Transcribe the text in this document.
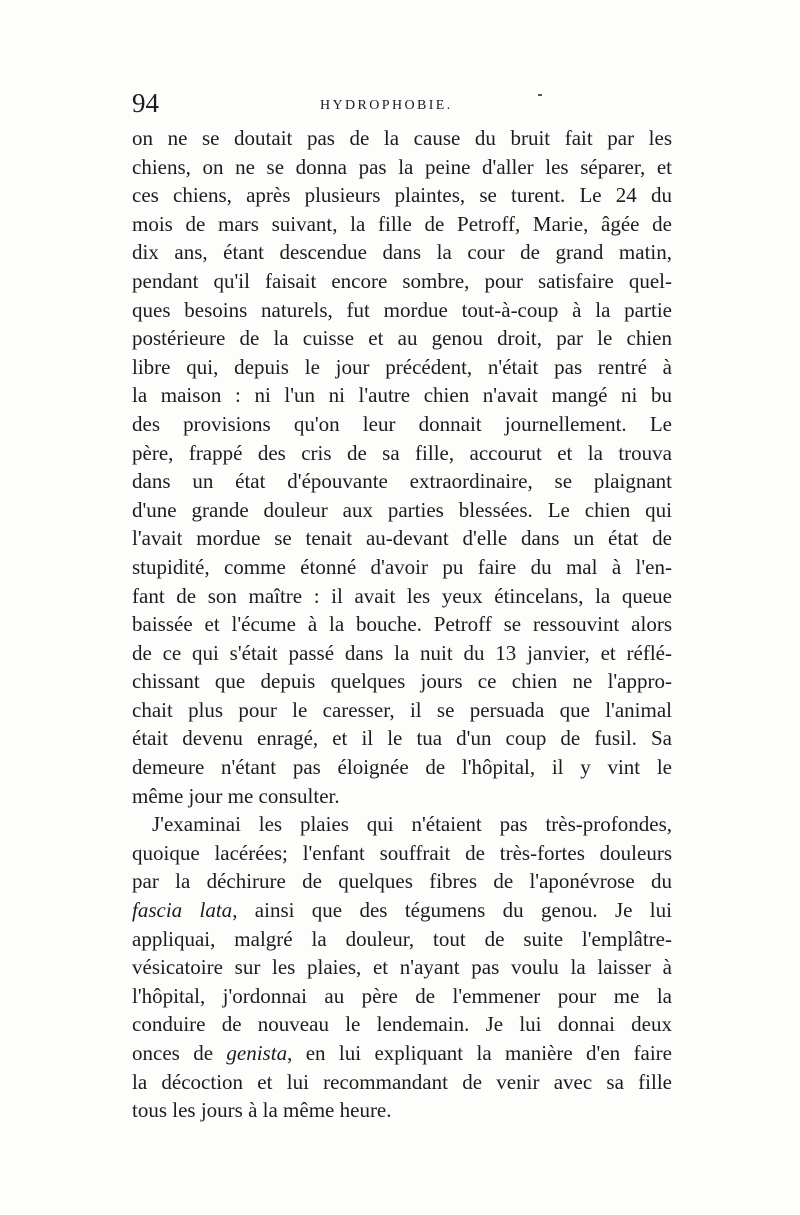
94	HYDROPHOBIE.
on ne se doutait pas de la cause du bruit fait par les
chiens, on ne se donna pas la peine d'aller les séparer, et
ces chiens, après plusieurs plaintes, se turent. Le 24 du
mois de mars suivant, la fille de Petroff, Marie, âgée de
dix ans, étant descendue dans la cour de grand matin,
pendant qu'il faisait encore sombre, pour satisfaire quel-
ques besoins naturels, fut mordue tout-à-coup à la partie
postérieure de la cuisse et au genou droit, par le chien
libre qui, depuis le jour précédent, n'était pas rentré à
la maison : ni l'un ni l'autre chien n'avait mangé ni bu
des provisions qu'on leur donnait journellement. Le
père, frappé des cris de sa fille, accourut et la trouva
dans un état d'épouvante extraordinaire, se plaignant
d'une grande douleur aux parties blessées. Le chien qui
l'avait mordue se tenait au-devant d'elle dans un état de
stupidité, comme étonné d'avoir pu faire du mal à l'en-
fant de son maître : il avait les yeux étincelans, la queue
baissée et l'écume à la bouche. Petroff se ressouvint alors
de ce qui s'était passé dans la nuit du 13 janvier, et réflé-
chissant que depuis quelques jours ce chien ne l'appro-
chait plus pour le caresser, il se persuada que l'animal
était devenu enragé, et il le tua d'un coup de fusil. Sa
demeure n'étant pas éloignée de l'hôpital, il y vint le
même jour me consulter.
J'examinai les plaies qui n'étaient pas très-profondes,
quoique lacérées; l'enfant souffrait de très-fortes douleurs
par la déchirure de quelques fibres de l'aponévrose du
fascia lata, ainsi que des tégumens du genou. Je lui
appliquai, malgré la douleur, tout de suite l'emplâtre-
vésicatoire sur les plaies, et n'ayant pas voulu la laisser à
l'hôpital, j'ordonnai au père de l'emmener pour me la
conduire de nouveau le lendemain. Je lui donnai deux
onces de genista, en lui expliquant la manière d'en faire
la décoction et lui recommandant de venir avec sa fille
tous les jours à la même heure.
